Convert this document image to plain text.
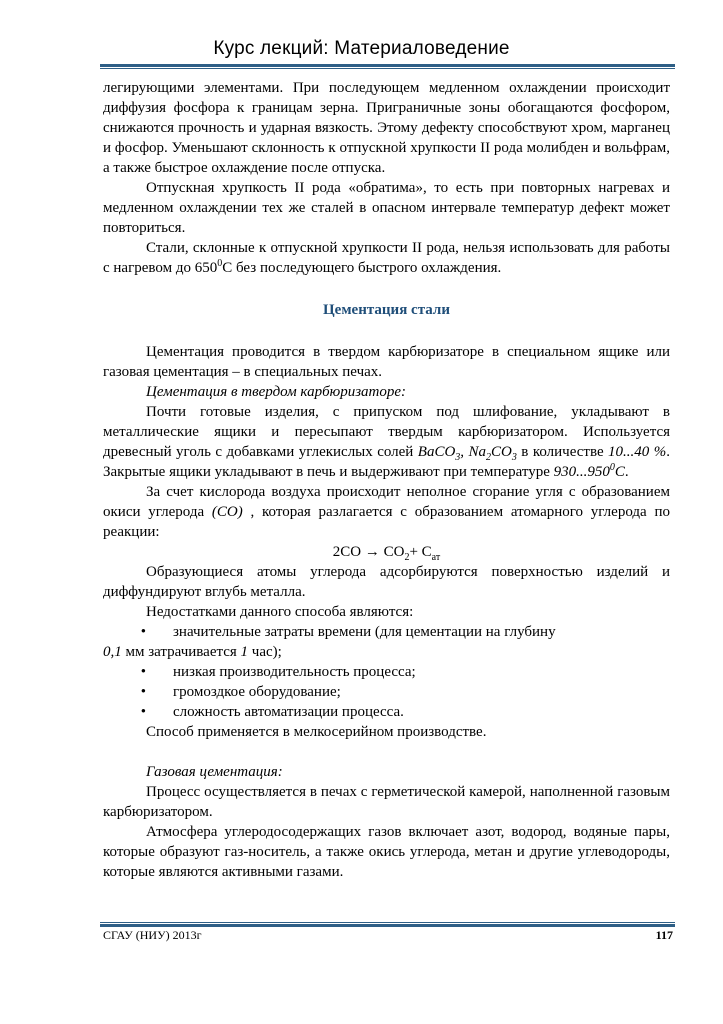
Курс лекций: Материаловедение

легирующими элементами. При последующем медленном охлаждении происходит диффузия фосфора к границам зерна. Приграничные зоны обогащаются фосфором, снижаются прочность и ударная вязкость. Этому дефекту способствуют хром, марганец и фосфор. Уменьшают склонность к отпускной хрупкости II рода молибден и вольфрам, а также быстрое охлаждение после отпуска.

Отпускная хрупкость II рода «обратима», то есть при повторных нагревах и медленном охлаждении тех же сталей в опасном интервале температур дефект может повториться.

Стали, склонные к отпускной хрупкости II рода, нельзя использовать для работы с нагревом до $650^0С$ без последующего быстрого охлаждения.

Цементация стали

Цементация проводится в твердом карбюризаторе в специальном ящике или газовая цементация – в специальных печах.

Цементация в твердом карбюризаторе:

Почти готовые изделия, с припуском под шлифование, укладывают в металлические ящики и пересыпают твердым карбюризатором. Используется древесный уголь с добавками углекислых солей BaCO$_3$, $Na_2CO_3$ в количестве 10...40 %. Закрытые ящики укладывают в печь и выдерживают при температуре 930...950$^0$C.

За счет кислорода воздуха происходит неполное сгорание угля с образованием окиси углерода (CO) , которая разлагается с образованием атомарного углерода по реакции:

$2CO \to CO_2+ C_{ат}$

Образующиеся атомы углерода адсорбируются поверхностью изделий и диффундируют вглубь металла.

Недостатками данного способа являются:

• значительные затраты времени (для цементации на глубину

0,1 мм затрачивается 1 час);

• низкая производительность процесса;

• громоздкое оборудование;

• сложность автоматизации процесса.

Способ применяется в мелкосерийном производстве.

Газовая цементация:

Процесс осуществляется в печах с герметической камерой, наполненной газовым карбюризатором.

Атмосфера углеродосодержащих газов включает азот, водород, водяные пары, которые образуют газ-носитель, а также окись углерода, метан и другие углеводороды, которые являются активными газами.

СГАУ (НИУ) 2013г	117
